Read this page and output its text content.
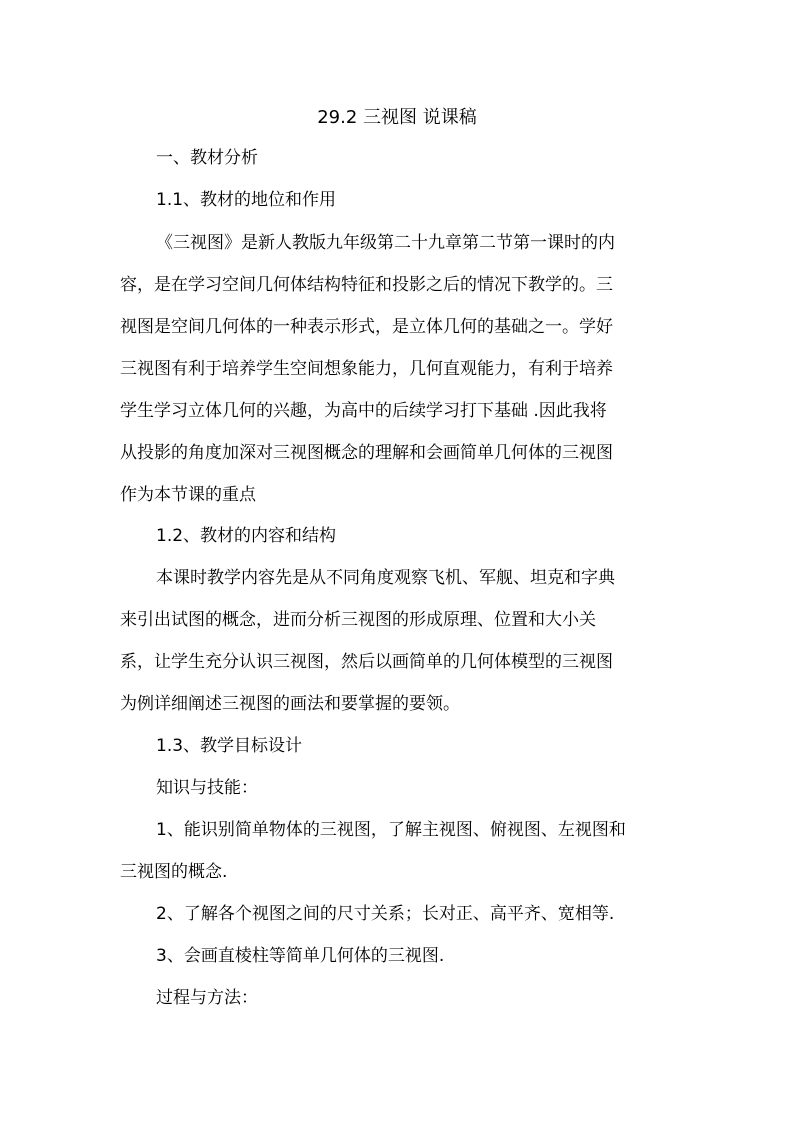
29.2 三视图 说课稿
一、教材分析
1.1、教材的地位和作用
《三视图》是新人教版九年级第二十九章第二节第一课时的内
容，是在学习空间几何体结构特征和投影之后的情况下教学的。三
视图是空间几何体的一种表示形式，是立体几何的基础之一。学好
三视图有利于培养学生空间想象能力，几何直观能力，有利于培养
学生学习立体几何的兴趣，为高中的后续学习打下基础 .因此我将
从投影的角度加深对三视图概念的理解和会画简单几何体的三视图
作为本节课的重点
1.2、教材的内容和结构
本课时教学内容先是从不同角度观察飞机、军舰、坦克和字典
来引出试图的概念，进而分析三视图的形成原理、位置和大小关
系，让学生充分认识三视图，然后以画简单的几何体模型的三视图
为例详细阐述三视图的画法和要掌握的要领。
1.3、教学目标设计
知识与技能：
1、能识别简单物体的三视图，了解主视图、俯视图、左视图和
三视图的概念.
2、了解各个视图之间的尺寸关系；长对正、高平齐、宽相等.
3、会画直棱柱等简单几何体的三视图.
过程与方法：
